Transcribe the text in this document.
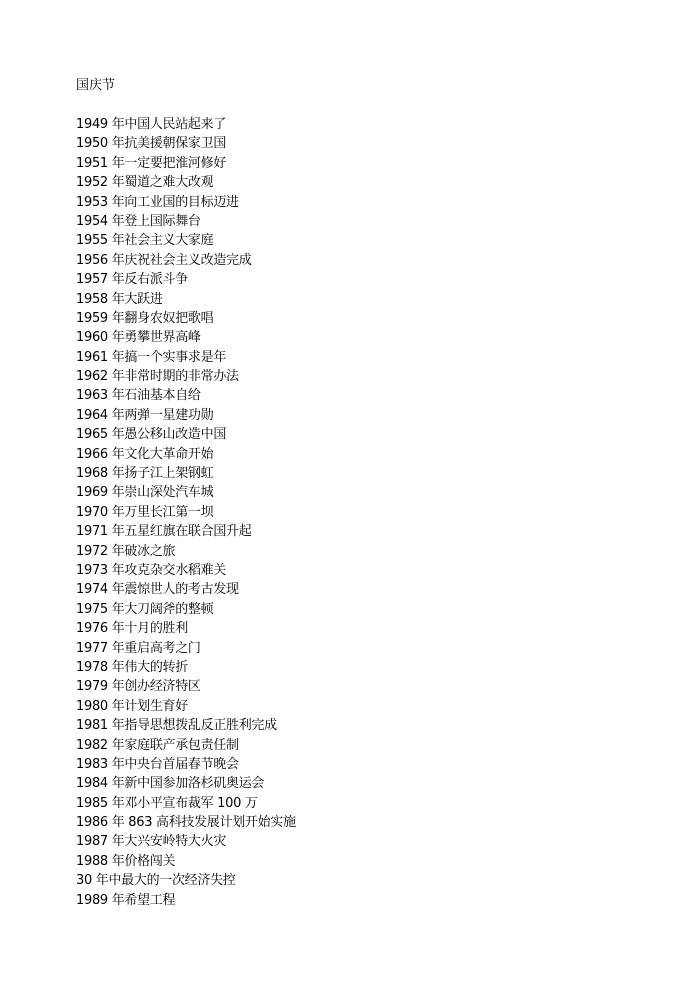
国庆节
1949 年中国人民站起来了
1950 年抗美援朝保家卫国
1951 年一定要把淮河修好
1952 年蜀道之难大改观
1953 年向工业国的目标迈进
1954 年登上国际舞台
1955 年社会主义大家庭
1956 年庆祝社会主义改造完成
1957 年反右派斗争
1958 年大跃进
1959 年翻身农奴把歌唱
1960 年勇攀世界高峰
1961 年搞一个实事求是年
1962 年非常时期的非常办法
1963 年石油基本自给
1964 年两弹一星建功勋
1965 年愚公移山改造中国
1966 年文化大革命开始
1968 年扬子江上架钢虹
1969 年崇山深处汽车城
1970 年万里长江第一坝
1971 年五星红旗在联合国升起
1972 年破冰之旅
1973 年攻克杂交水稻难关
1974 年震惊世人的考古发现
1975 年大刀阔斧的整顿
1976 年十月的胜利
1977 年重启高考之门
1978 年伟大的转折
1979 年创办经济特区
1980 年计划生育好
1981 年指导思想拨乱反正胜利完成
1982 年家庭联产承包责任制
1983 年中央台首届春节晚会
1984 年新中国参加洛杉矶奥运会
1985 年邓小平宣布裁军 100 万
1986 年 863 高科技发展计划开始实施
1987 年大兴安岭特大火灾
1988 年价格闯关
30 年中最大的一次经济失控
1989 年希望工程
